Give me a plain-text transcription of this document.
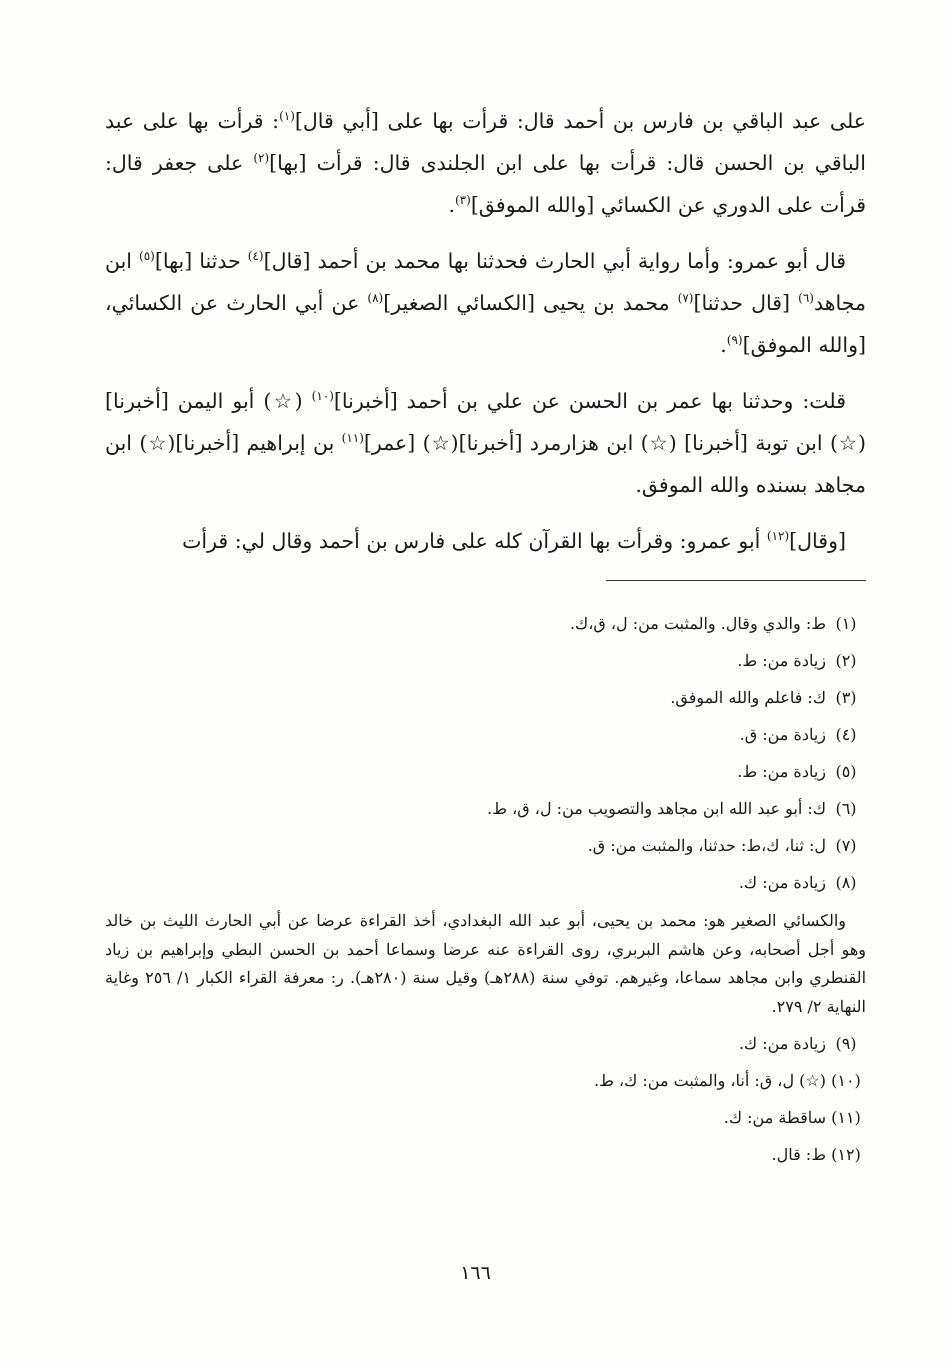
على عبد الباقي بن فارس بن أحمد قال: قرأت بها على [أبي قال]$^{(١)}$: قرأت بها على عبد الباقي بن الحسن قال: قرأت بها على ابن الجلندى قال: قرأت [بها]$^{(٢)}$ على جعفر قال: قرأت على الدوري عن الكسائي [والله الموفق]$^{(٣)}$.

قال أبو عمرو: وأما رواية أبي الحارث فحدثنا بها محمد بن أحمد [قال]$^{(٤)}$ حدثنا [بها]$^{(٥)}$ ابن مجاهد$^{(٦)}$ [قال حدثنا]$^{(٧)}$ محمد بن يحيى [الكسائي الصغير]$^{(٨)}$ عن أبي الحارث عن الكسائي، [والله الموفق]$^{(٩)}$.

قلت: وحدثنا بها عمر بن الحسن عن علي بن أحمد [أخبرنا]$^{(١٠)}$ (☆) أبو اليمن [أخبرنا] (☆) ابن توبة [أخبرنا] (☆) ابن هزارمرد [أخبرنا](☆) [عمر]$^{(١١)}$ بن إبراهيم [أخبرنا](☆) ابن مجاهد بسنده والله الموفق.

[وقال]$^{(١٢)}$ أبو عمرو: وقرأت بها القرآن كله على فارس بن أحمد وقال لي: قرأت

(١)
ط: والدي وقال. والمثبت من: ل، ق،ك.
(٢)
زيادة من: ط.
(٣)
ك: فاعلم والله الموفق.
(٤)
زيادة من: ق.
(٥)
زيادة من: ط.
(٦)
ك: أبو عبد الله ابن مجاهد والتصويب من: ل، ق، ط.
(٧)
ل: ثنا، ك،ط: حدثنا، والمثبت من: ق.
(٨)
زيادة من: ك.

والكسائي الصغير هو: محمد بن يحيى، أبو عبد الله البغدادي، أخذ القراءة عرضا عن أبي الحارث الليث بن خالد وهو أجل أصحابه، وعن هاشم البربري، روى القراءة عنه عرضا وسماعا أحمد بن الحسن البطي وإبراهيم بن زياد القنطري وابن مجاهد سماعا، وغيرهم. توفي سنة (٢٨٨هـ) وقيل سنة (٢٨٠هـ). ر: معرفة القراء الكبار ١/ ٢٥٦ وغاية النهاية ٢/ ٢٧٩.

(٩)
زيادة من: ك.
(١٠)
(☆) ل، ق: أنا، والمثبت من: ك، ط.
(١١)
ساقطة من: ك.
(١٢)
ط: قال.
١٦٦
